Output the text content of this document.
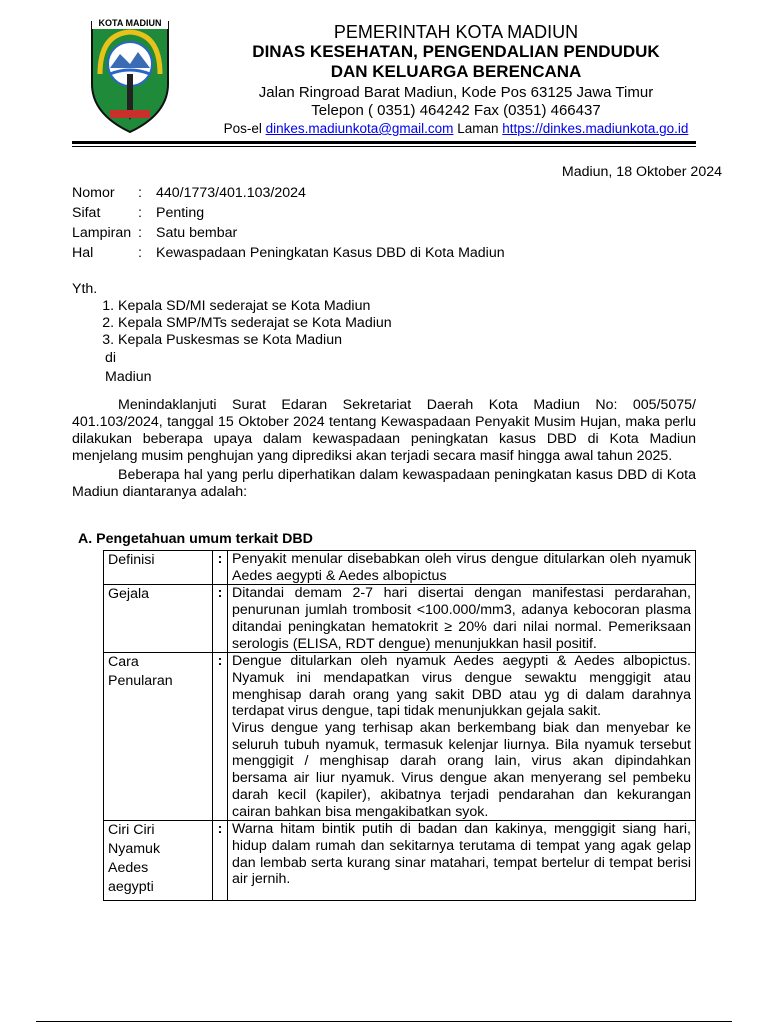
KOTA MADIUN	PEMERINTAH KOTA MADIUN
DINAS KESEHATAN, PENGENDALIAN PENDUDUK
DAN KELUARGA BERENCANA
Jalan Ringroad Barat Madiun, Kode Pos 63125 Jawa Timur
Telepon ( 0351) 464242 Fax (0351) 466437
Pos-el dinkes.madiunkota@gmail.com Laman https://dinkes.madiunkota.go.id
Madiun, 18 Oktober 2024
Nomor	: 440/1773/401.103/2024
Sifat	: Penting
Lampiran : Satu bembar
Hal	: Kewaspadaan Peningkatan Kasus DBD di Kota Madiun
Yth.
1. Kepala SD/MI sederajat se Kota Madiun
2. Kepala SMP/MTs sederajat se Kota Madiun
3. Kepala Puskesmas se Kota Madiun
di
Madiun

Menindaklanjuti Surat Edaran Sekretariat Daerah Kota Madiun No: 005/5075/ 401.103/2024, tanggal 15 Oktober 2024 tentang Kewaspadaan Penyakit Musim Hujan, maka perlu dilakukan beberapa upaya dalam kewaspadaan peningkatan kasus DBD di Kota Madiun menjelang musim penghujan yang diprediksi akan terjadi secara masif hingga awal tahun 2025.

Beberapa hal yang perlu diperhatikan dalam kewaspadaan peningkatan kasus DBD di Kota Madiun diantaranya adalah:

A. Pengetahuan umum terkait DBD
Definisi	:	Penyakit menular disebabkan oleh virus dengue ditularkan oleh nyamuk Aedes aegypti & Aedes albopictus
Gejala	:	Ditandai demam 2-7 hari disertai dengan manifestasi perdarahan, penurunan jumlah trombosit <100.000/mm3, adanya kebocoran plasma ditandai peningkatan hematokrit ≥ 20% dari nilai normal. Pemeriksaan serologis (ELISA, RDT dengue) menunjukkan hasil positif.
Cara Penularan	:	Dengue ditularkan oleh nyamuk Aedes aegypti & Aedes albopictus. Nyamuk ini mendapatkan virus dengue sewaktu menggigit atau menghisap darah orang yang sakit DBD atau yg di dalam darahnya terdapat virus dengue, tapi tidak menunjukkan gejala sakit.
Virus dengue yang terhisap akan berkembang biak dan menyebar ke seluruh tubuh nyamuk, termasuk kelenjar liurnya. Bila nyamuk tersebut menggigit / menghisap darah orang lain, virus akan dipindahkan bersama air liur nyamuk. Virus dengue akan menyerang sel pembeku darah kecil (kapiler), akibatnya terjadi pendarahan dan kekurangan cairan bahkan bisa mengakibatkan syok.

Ciri Ciri Nyamuk Aedes aegypti	:	Warna hitam bintik putih di badan dan kakinya, menggigit siang hari, hidup dalam rumah dan sekitarnya terutama di tempat yang agak gelap dan lembab serta kurang sinar matahari, tempat bertelur di tempat berisi air jernih.
